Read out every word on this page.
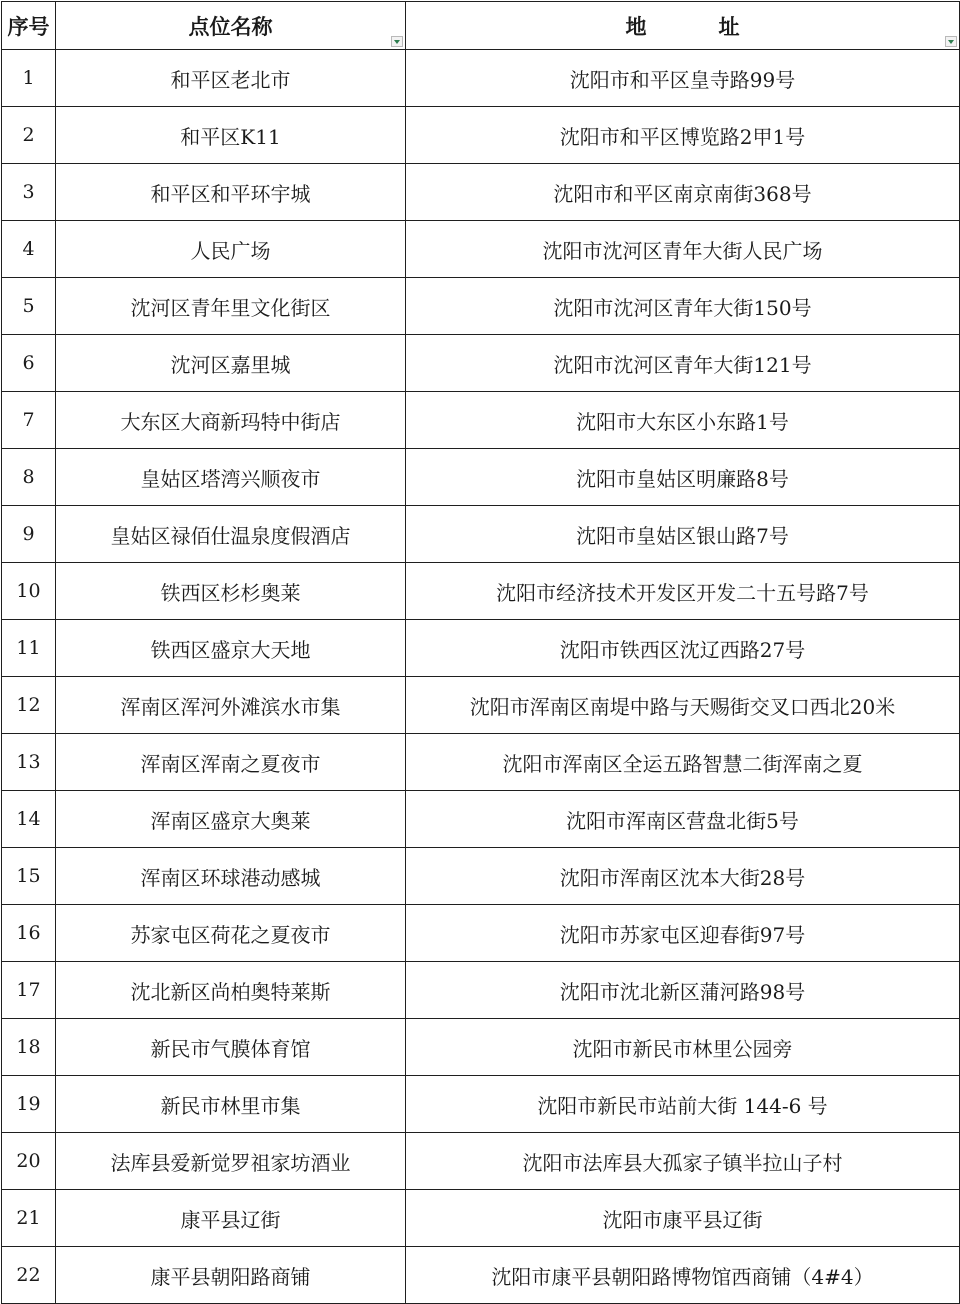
序号	点位名称	地 址

1	和平区老北市	沈阳市和平区皇寺路99号
2	和平区K11	沈阳市和平区博览路2甲1号
3	和平区和平环宇城	沈阳市和平区南京南街368号
4	人民广场	沈阳市沈河区青年大街人民广场
5	沈河区青年里文化街区	沈阳市沈河区青年大街150号
6	沈河区嘉里城	沈阳市沈河区青年大街121号
7	大东区大商新玛特中街店	沈阳市大东区小东路1号
8	皇姑区塔湾兴顺夜市	沈阳市皇姑区明廉路8号
9	皇姑区禄佰仕温泉度假酒店	沈阳市皇姑区银山路7号
10	铁西区杉杉奥莱	沈阳市经济技术开发区开发二十五号路7号
11	铁西区盛京大天地	沈阳市铁西区沈辽西路27号
12	浑南区浑河外滩滨水市集	沈阳市浑南区南堤中路与天赐街交叉口西北20米
13	浑南区浑南之夏夜市	沈阳市浑南区全运五路智慧二街浑南之夏
14	浑南区盛京大奥莱	沈阳市浑南区营盘北街5号
15	浑南区环球港动感城	沈阳市浑南区沈本大街28号
16	苏家屯区荷花之夏夜市	沈阳市苏家屯区迎春街97号
17	沈北新区尚柏奥特莱斯	沈阳市沈北新区蒲河路98号
18	新民市气膜体育馆	沈阳市新民市林里公园旁
19	新民市林里市集	沈阳市新民市站前大街 144-6 号
20	法库县爱新觉罗祖家坊酒业	沈阳市法库县大孤家子镇半拉山子村
21	康平县辽街	沈阳市康平县辽街
22	康平县朝阳路商铺	沈阳市康平县朝阳路博物馆西商铺（4#4）
